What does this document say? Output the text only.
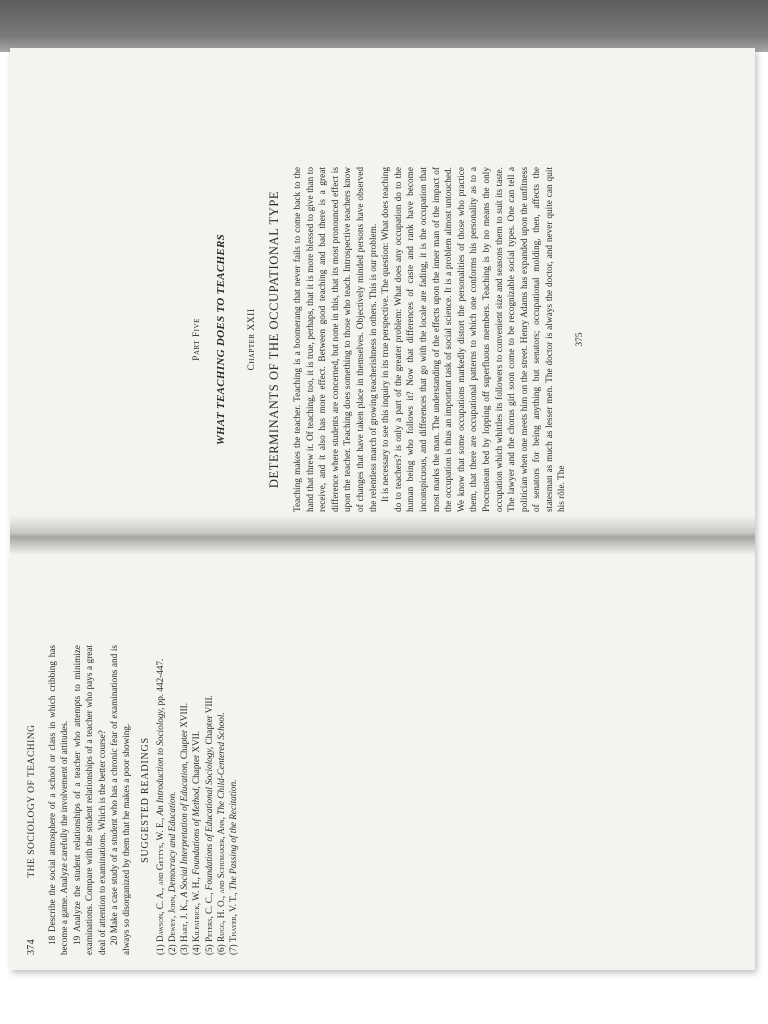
374
THE SOCIOLOGY OF TEACHING 18 Describe the social atmosphere of a school or class in which cribbing has become a game. Analyze carefully the involvement of attitudes. 19 Analyze the student relationships of a teacher who attempts to minimize examinations. Compare with the student relationships of a teacher who pays a great deal of attention to examinations. Which is the better course? 20 Make a case study of a student who has a chronic fear of examinations and is always so disorganized by them that he makes a poor showing. SUGGESTED READINGS
(1) Dawson, C. A., and Gettys, W. E., An Introduction to Sociology, pp. 442-447.
(2) Dewey, John, Democracy and Education.
(3) Hart, J. K., A Social Interpretation of Education, Chapter XVIII.
(4) Kilpatrick, W. H., Foundations of Method, Chapter XVII.
(5) Peters, C. C., Foundations of Educational Sociology, Chapter VIII.
(6) Rugg, H. O., and Schumaker, Ann, The Child-Centered School.
(7) Thayer, V. T., The Passing of the Recitation.
Part Five WHAT TEACHING DOES TO TEACHERS Chapter XXII DETERMINANTS OF THE OCCUPATIONAL TYPE Teaching makes the teacher. Teaching is a boomerang that never fails to come back to the hand that threw it. Of teaching, too, it is true, perhaps, that it is more blessed to give than to receive, and it also has more effect. Between good teaching and bad there is a great difference where students are concerned, but none in this, that its most pronounced effect is upon the teacher. Teaching does something to those who teach. Introspective teachers know of changes that have taken place in themselves. Objectively minded persons have observed the relentless march of growing teacherishness in others. This is our problem. It is necessary to see this inquiry in its true perspective. The question: What does teaching do to teachers? is only a part of the greater problem: What does any occupation do to the human being who follows it? Now that differences of caste and rank have become inconspicuous, and differences that go with the locale are fading, it is the occupation that most marks the man. The understanding of the effects upon the inner man of the impact of the occupation is thus an important task of social science. It is a problem almost untouched. We know that some occupations markedly distort the personalities of those who practice them, that there are occupational patterns to which one conforms his personality as to a Procrustean bed by lopping off superfluous members. Teaching is by no means the only occupation which whittles its followers to convenient size and seasons them to suit its taste. The lawyer and the chorus girl soon come to be recognizable social types. One can tell a politician when one meets him on the street. Henry Adams has expanded upon the unfitness of senators for being anything but senators; occupational molding, then, affects the statesman as much as lesser men. The doctor is always the doctor, and never quite can quit his rôle. The

375
